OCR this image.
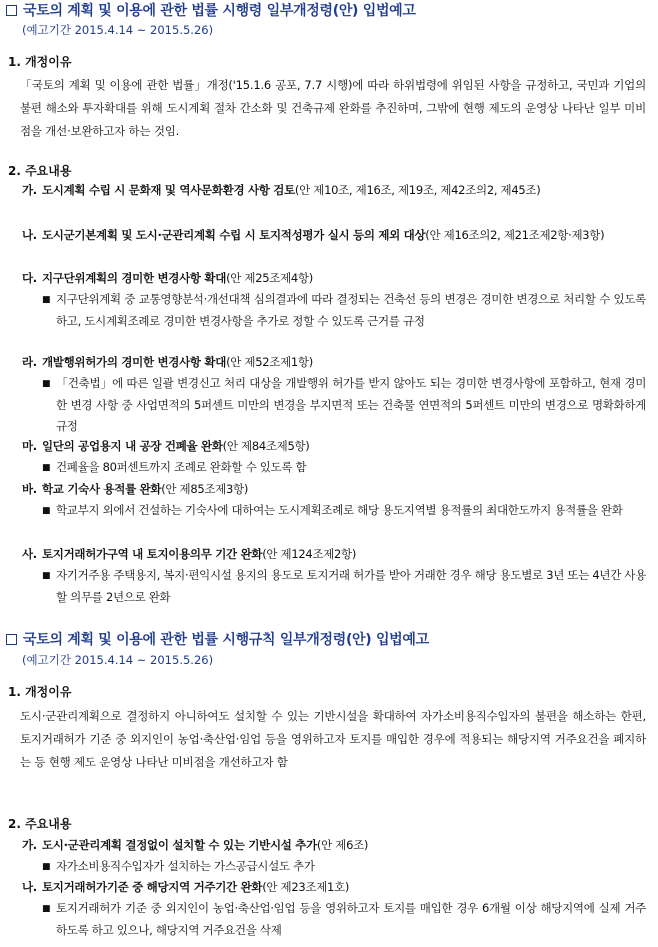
국토의 계획 및 이용에 관한 법률 시행령 일부개정령(안) 입법예고
(예고기간 2015.4.14 ~ 2015.5.26)
1. 개정이유
「국토의 계획 및 이용에 관한 법률」개정('15.1.6 공포, 7.7 시행)에 따라 하위법령에 위임된 사항을 규정하고, 국민과 기업의 불편 해소와 투자확대를 위해 도시계획 절차 간소화 및 건축규제 완화를 추진하며, 그밖에 현행 제도의 운영상 나타난 일부 미비점을 개선·보완하고자 하는 것임.
2. 주요내용
가. 도시계획 수립 시 문화재 및 역사문화환경 사항 검토(안 제10조, 제16조, 제19조, 제42조의2, 제45조)
나. 도시군기본계획 및 도시·군관리계획 수립 시 토지적성평가 실시 등의 제외 대상(안 제16조의2, 제21조제2항·제3항)
다. 지구단위계획의 경미한 변경사항 확대(안 제25조제4항)
■ 지구단위계획 중 교통영향분석·개선대책 심의결과에 따라 결정되는 건축선 등의 변경은 경미한 변경으로 처리할 수 있도록 하고, 도시계획조례로 경미한 변경사항을 추가로 정할 수 있도록 근거를 규정
라. 개발행위허가의 경미한 변경사항 확대(안 제52조제1항)
■ 「건축법」에 따른 일괄 변경신고 처리 대상을 개발행위 허가를 받지 않아도 되는 경미한 변경사항에 포함하고, 현재 경미한 변경 사항 중 사업면적의 5퍼센트 미만의 변경을 부지면적 또는 건축물 연면적의 5퍼센트 미만의 변경으로 명확화하게 규정
마. 일단의 공업용지 내 공장 건폐율 완화(안 제84조제5항)
■ 건폐율을 80퍼센트까지 조례로 완화할 수 있도록 함
바. 학교 기숙사 용적률 완화(안 제85조제3항)
■ 학교부지 외에서 건설하는 기숙사에 대하여는 도시계획조례로 해당 용도지역별 용적률의 최대한도까지 용적률을 완화
사. 토지거래허가구역 내 토지이용의무 기간 완화(안 제124조제2항)
■ 자기거주용 주택용지, 복지·편익시설 용지의 용도로 토지거래 허가를 받아 거래한 경우 해당 용도별로 3년 또는 4년간 사용할 의무를 2년으로 완화
국토의 계획 및 이용에 관한 법률 시행규칙 일부개정령(안) 입법예고
(예고기간 2015.4.14 ~ 2015.5.26)
1. 개정이유
도시·군관리계획으로 결정하지 아니하여도 설치할 수 있는 기반시설을 확대하여 자가소비용직수입자의 불편을 해소하는 한편, 토지거래허가 기준 중 외지인이 농업·축산업·임업 등을 영위하고자 토지를 매입한 경우에 적용되는 해당지역 거주요건을 폐지하는 등 현행 제도 운영상 나타난 미비점을 개선하고자 함
2. 주요내용
가. 도시·군관리계획 결정없이 설치할 수 있는 기반시설 추가(안 제6조)
■ 자가소비용직수입자가 설치하는 가스공급시설도 추가
나. 토지거래허가기준 중 해당지역 거주기간 완화(안 제23조제1호)
■ 토지거래허가 기준 중 외지인이 농업·축산업·임업 등을 영위하고자 토지를 매입한 경우 6개월 이상 해당지역에 실제 거주하도록 하고 있으나, 해당지역 거주요건을 삭제
